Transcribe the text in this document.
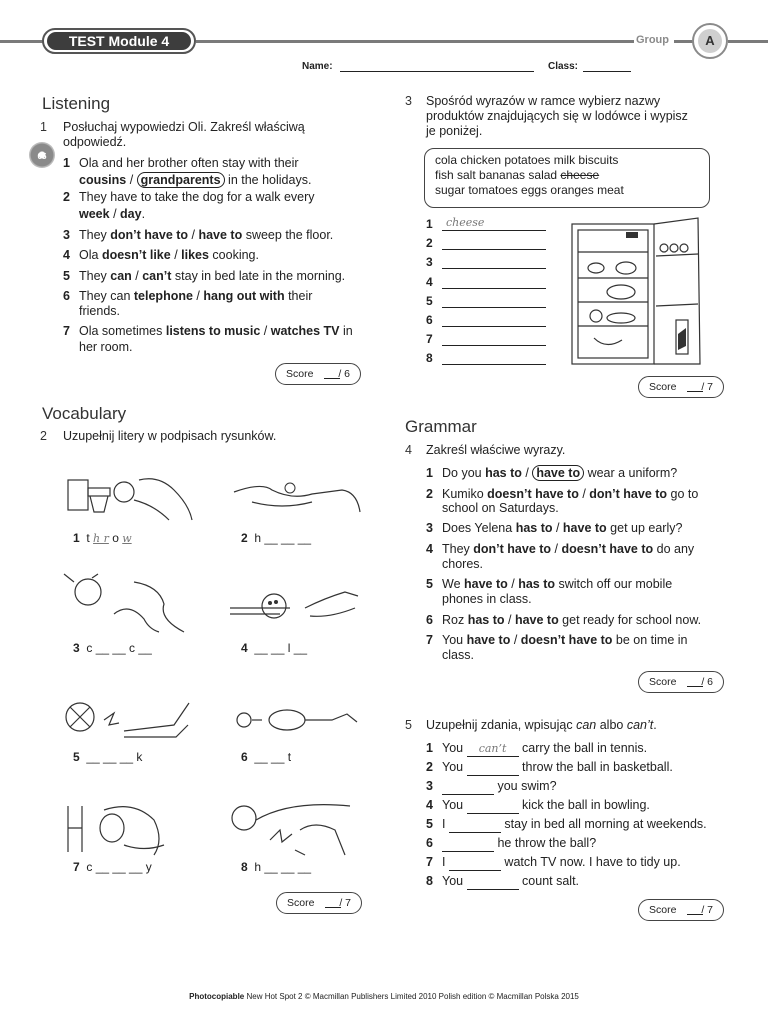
TEST Module 4	Group	A
Name:	Class:
Listening
1 Posłuchaj wypowiedzi Oli. Zakreśl właściwą
odpowiedź.
05	1 Ola and her brother often stay with their
cousins / grandparents in the holidays.
2 They have to take the dog for a walk every
week / day.
3 They don’t have to / have to sweep the floor.
4 Ola doesn’t like / likes cooking.
5 They can / can’t stay in bed late in the morning.
6 They can telephone / hang out with their
friends.
7 Ola sometimes listens to music / watches TV in
her room.
Score / 6
Vocabulary
2 Uzupełnij litery w podpisach rysunków.
1 t h r o w	2 h __ __ __
3 c __ __ c __	4 __ __ l __
5 __ __ __ k	6 __ __ t
7 c __ __ __ y	8 h __ __ __
Score / 7
3 Spośród wyrazów w ramce wybierz nazwy
produktów znajdujących się w lodówce i wypisz
je poniżej.
cola chicken potatoes milk biscuits
fish salt bananas salad cheese
sugar tomatoes eggs oranges meat
1 cheese
2
3
4
5
6
7
8
Score / 7
Grammar
4 Zakreśl właściwe wyrazy.
1 Do you has to / have to wear a uniform?
2 Kumiko doesn’t have to / don’t have to go to
school on Saturdays.
3 Does Yelena has to / have to get up early?
4 They don’t have to / doesn’t have to do any
chores.
5 We have to / has to switch off our mobile
phones in class.
6 Roz has to / have to get ready for school now.
7 You have to / doesn’t have to be on time in
class.
Score / 6
5 Uzupełnij zdania, wpisując can albo can’t.
1 You can’t carry the ball in tennis.
2 You	throw the ball in basketball.
3	you swim?
4 You	kick the ball in bowling.
5 I	stay in bed all morning at weekends.
6	he throw the ball?
7 I	watch TV now. I have to tidy up.
8 You	count salt.
Score / 7
Photocopiable New Hot Spot 2 © Macmillan Publishers Limited 2010 Polish edition © Macmillan Polska 2015
